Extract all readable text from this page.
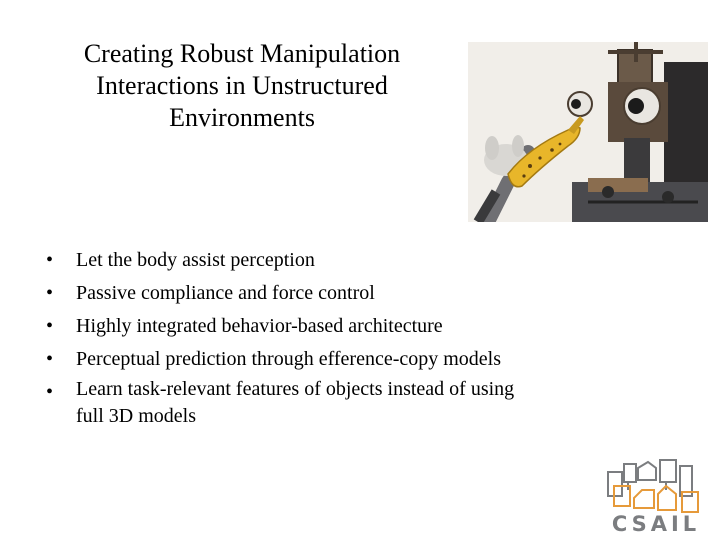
Creating Robust Manipulation
Interactions in Unstructured
Environments
• Let the body assist perception
• Passive compliance and force control
• Highly integrated behavior-based architecture
• Perceptual prediction through efference-copy models
• Learn task-relevant features of objects instead of using
full 3D models
CSAIL
